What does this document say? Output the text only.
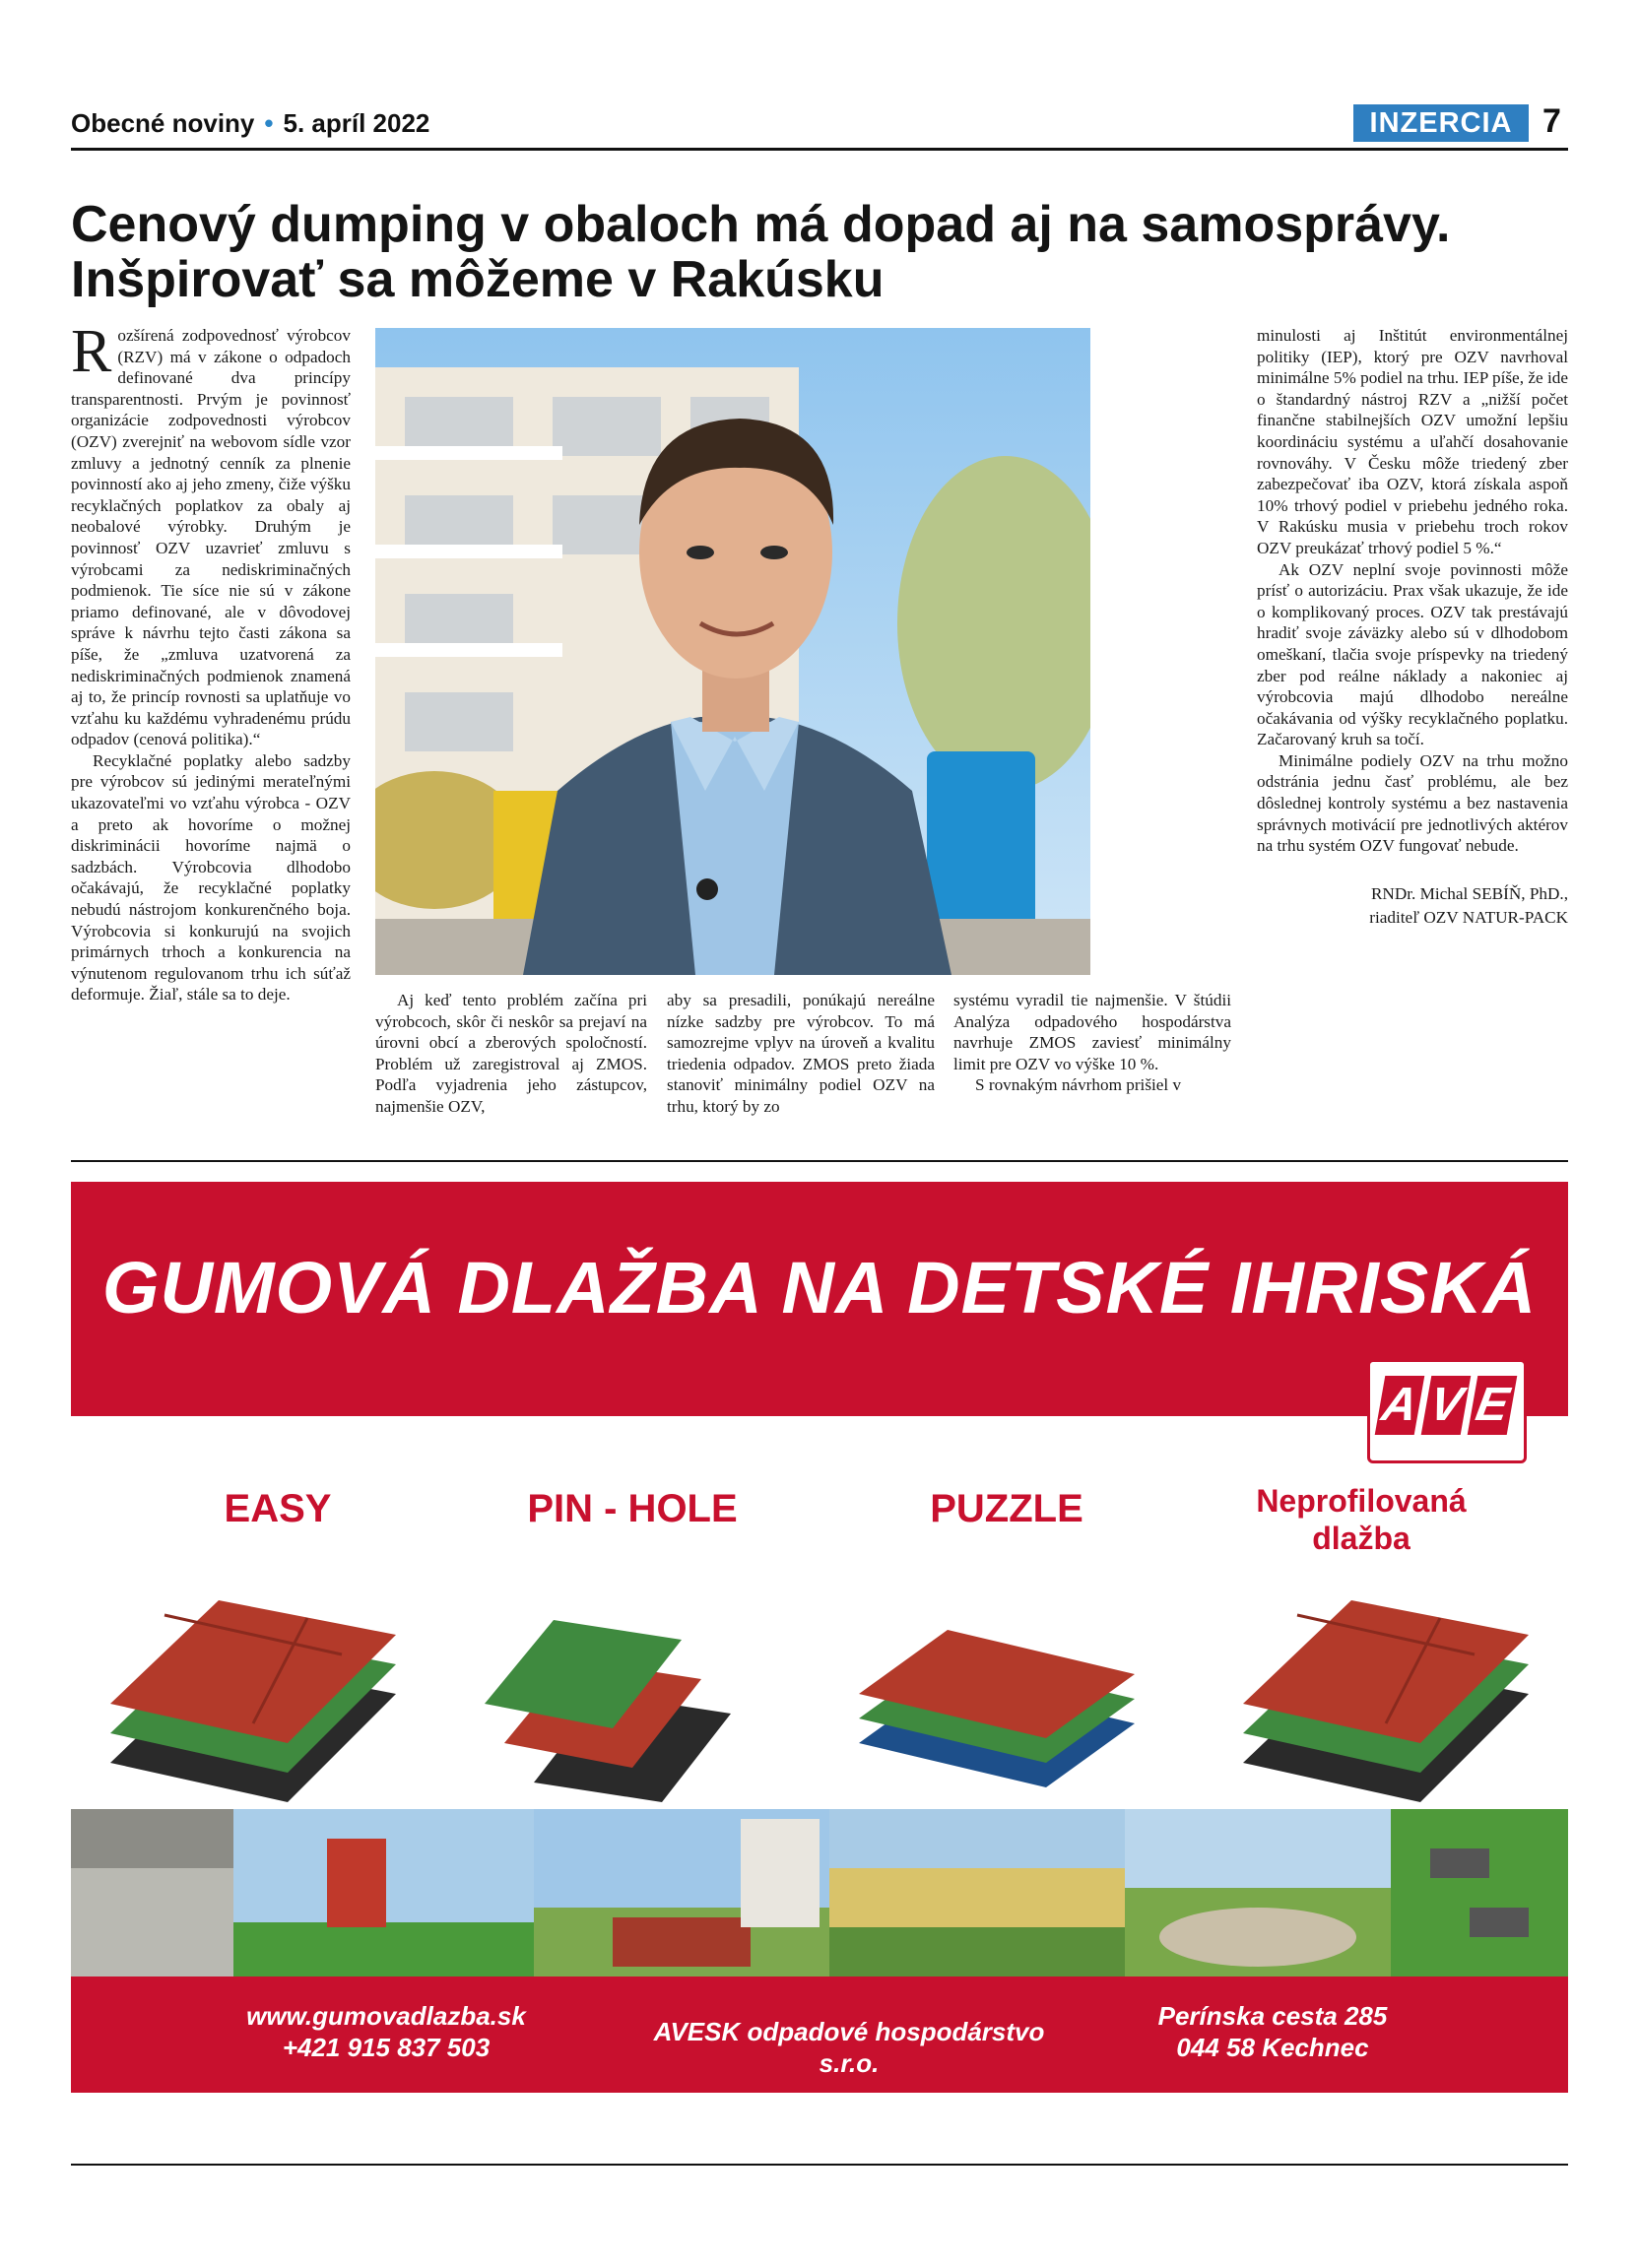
Obecné noviny • 5. apríl 2022	INZERCIA 7
Cenový dumping v obaloch má dopad aj na samosprávy.
Inšpirovať sa môžeme v Rakúsku

Rozšírená zodpovednosť výrobcov (RZV) má v zákone o odpadoch definované dva princípy transparentnosti. Prvým je povinnosť organizácie zodpovednosti výrobcov (OZV) zverejniť na webovom sídle vzor zmluvy a jednotný cenník za plnenie povinností ako aj jeho zmeny, čiže výšku recyklačných poplatkov za obaly aj neobalové výrobky. Druhým je povinnosť OZV uzavrieť zmluvu s výrobcami za nediskriminačných podmienok. Tie síce nie sú v zákone priamo definované, ale v dôvodovej správe k návrhu tejto časti zákona sa píše, že „zmluva uzatvorená za nediskriminačných podmienok znamená aj to, že princíp rovnosti sa uplatňuje vo vzťahu ku každému vyhradenému prúdu odpadov (cenová politika).“

Recyklačné poplatky alebo sadzby pre výrobcov sú jedinými merateľnými ukazovateľmi vo vzťahu výrobca - OZV a preto ak hovoríme o možnej diskriminácii hovoríme najmä o sadzbách. Výrobcovia dlhodobo očakávajú, že recyklačné poplatky nebudú nástrojom konkurenčného boja. Výrobcovia si konkurujú na svojich primárnych trhoch a konkurencia na výnutenom regulovanom trhu ich súťaž deformuje. Žiaľ, stále sa to deje.	Aj keď tento problém začína pri výrobcoch, skôr či neskôr sa prejaví na úrovni obcí a zberových spoločností. Problém už zaregistroval aj ZMOS. Podľa vyjadrenia jeho zástupcov, najmenšie OZV,

aby sa presadili, ponúkajú nereálne nízke sadzby pre výrobcov. To má samozrejme vplyv na úroveň a kvalitu triedenia odpadov. ZMOS preto žiada stanoviť minimálny podiel OZV na trhu, ktorý by zo

systému vyradil tie najmenšie. V štúdii Analýza odpadového hospodárstva navrhuje ZMOS zaviesť minimálny limit pre OZV vo výške 10 %.

S rovnakým návrhom prišiel v

minulosti aj Inštitút environmentálnej politiky (IEP), ktorý pre OZV navrhoval minimálne 5% podiel na trhu. IEP píše, že ide o štandardný nástroj RZV a „nižší počet finančne stabilnejších OZV umožní lepšiu koordináciu systému a uľahčí dosahovanie rovnováhy. V Česku môže triedený zber zabezpečovať iba OZV, ktorá získala aspoň 10% trhový podiel v priebehu jedného roka. V Rakúsku musia v priebehu troch rokov OZV preukázať trhový podiel 5 %.“

Ak OZV neplní svoje povinnosti môže prísť o autorizáciu. Prax však ukazuje, že ide o komplikovaný proces. OZV tak prestávajú hradiť svoje záväzky alebo sú v dlhodobom omeškaní, tlačia svoje príspevky na triedený zber pod reálne náklady a nakoniec aj výrobcovia majú dlhodobo nereálne očakávania od výšky recyklačného poplatku. Začarovaný kruh sa točí.

Minimálne podiely OZV na trhu možno odstránia jednu časť problému, ale bez dôslednej kontroly systému a bez nastavenia správnych motivácií pre jednotlivých aktérov na trhu systém OZV fungovať nebude.

RNDr. Michal SEBÍŇ, PhD.,
riaditeľ OZV NATUR-PACK
GUMOVÁ DLAŽBA NA DETSKÉ IHRISKÁ
A V E
EASY	PIN - HOLE	PUZZLE	Neprofilovaná dlažba
www.gumovadlazba.sk
+421 915 837 503
AVESK odpadové hospodárstvo s.r.o.
Perínska cesta 285
044 58 Kechnec
